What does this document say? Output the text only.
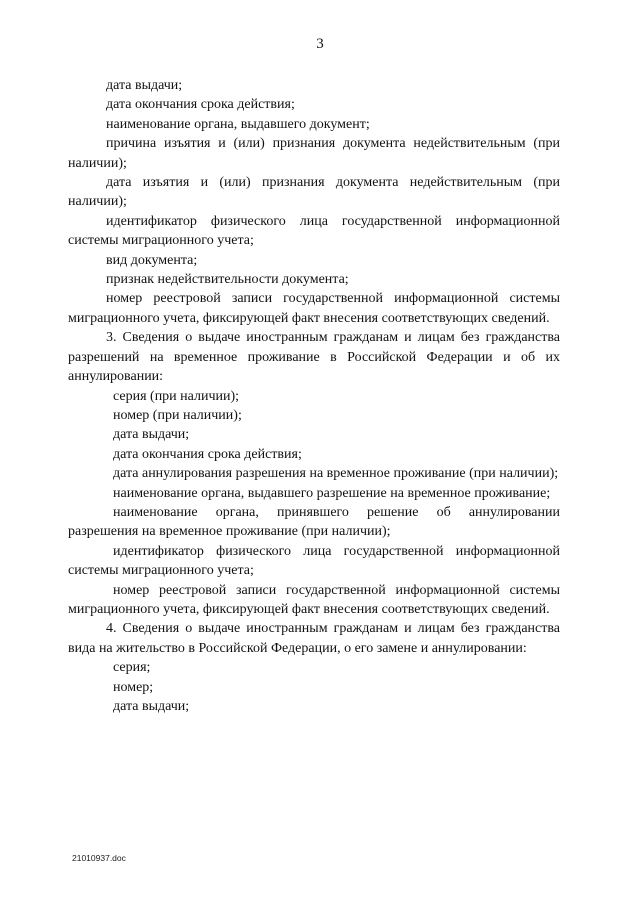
3

дата выдачи;

дата окончания срока действия;

наименование органа, выдавшего документ;

причина изъятия и (или) признания документа недействительным (при наличии);

дата изъятия и (или) признания документа недействительным (при наличии);

идентификатор физического лица государственной информационной системы миграционного учета;

вид документа;

признак недействительности документа;

номер реестровой записи государственной информационной системы миграционного учета, фиксирующей факт внесения соответствующих сведений.

3. Сведения о выдаче иностранным гражданам и лицам без гражданства разрешений на временное проживание в Российской Федерации и об их аннулировании:

серия (при наличии);

номер (при наличии);

дата выдачи;

дата окончания срока действия;

дата аннулирования разрешения на временное проживание (при наличии);

наименование органа, выдавшего разрешение на временное проживание;

наименование органа, принявшего решение об аннулировании разрешения на временное проживание (при наличии);

идентификатор физического лица государственной информационной системы миграционного учета;

номер реестровой записи государственной информационной системы миграционного учета, фиксирующей факт внесения соответствующих сведений.

4. Сведения о выдаче иностранным гражданам и лицам без гражданства вида на жительство в Российской Федерации, о его замене и аннулировании:

серия;

номер;

дата выдачи;

21010937.doc
